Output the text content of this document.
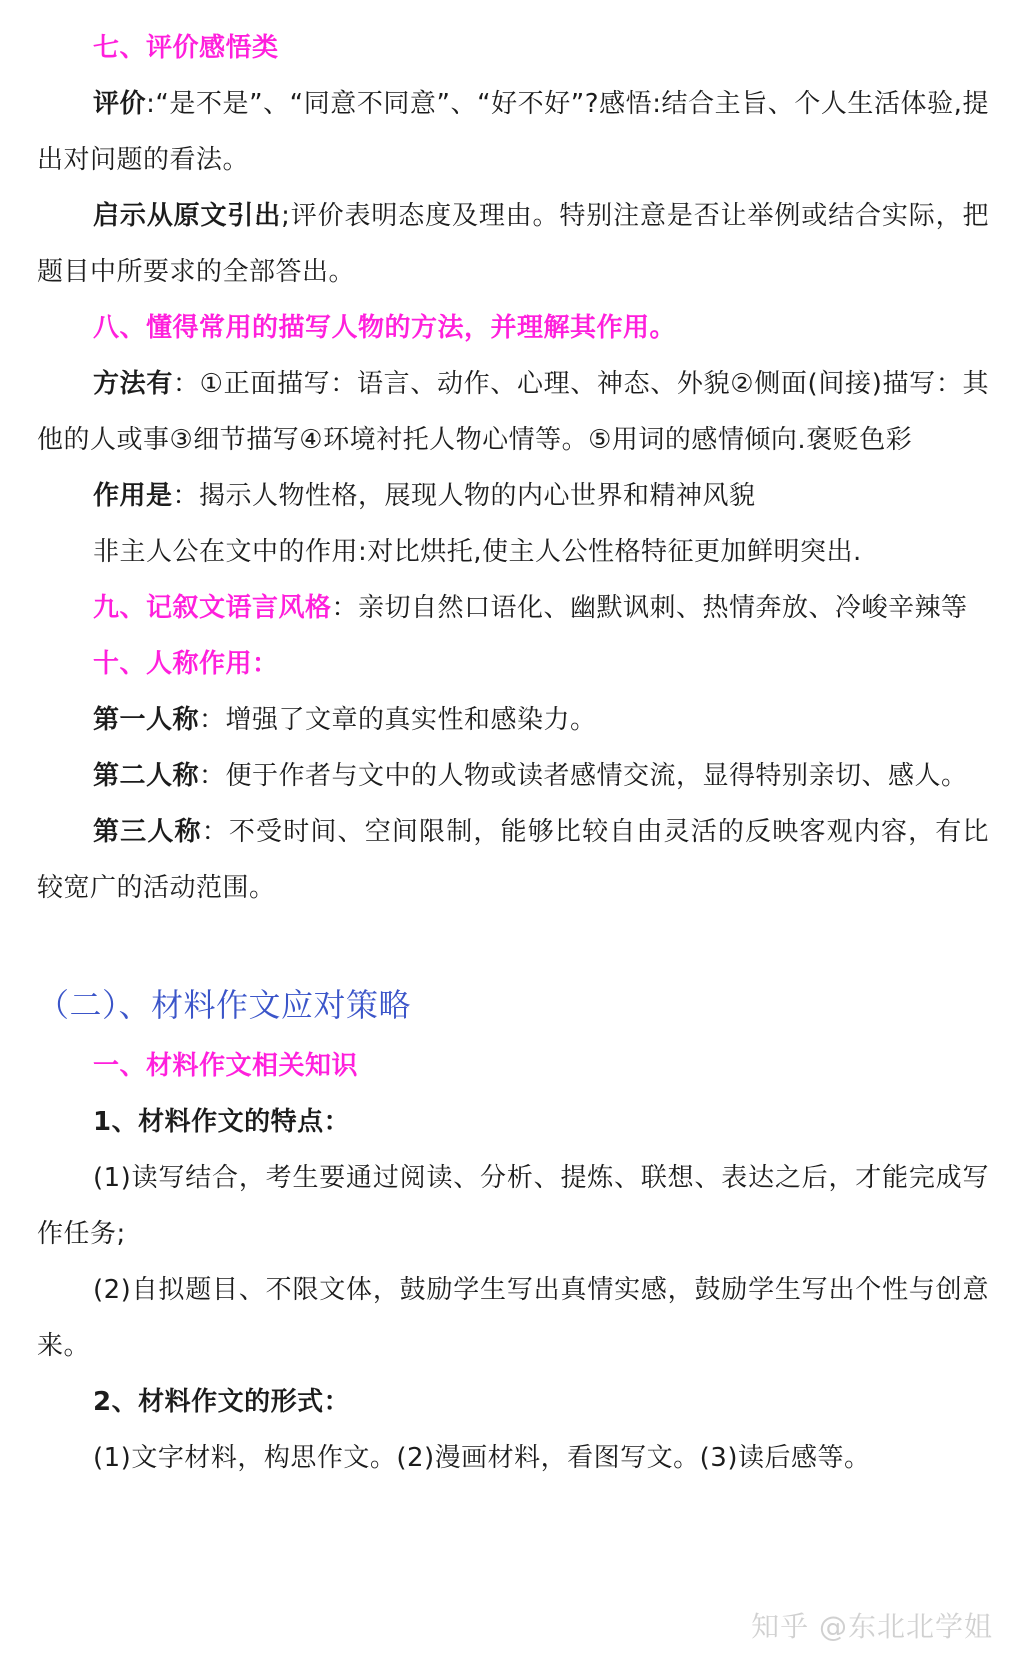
七、评价感悟类

评价:“是不是”、“同意不同意”、“好不好”?感悟:结合主旨、个人生活体验,提出对问题的看法。

启示从原文引出;评价表明态度及理由。特别注意是否让举例或结合实际，把题目中所要求的全部答出。

八、懂得常用的描写人物的方法，并理解其作用。

方法有：①正面描写：语言、动作、心理、神态、外貌②侧面(间接)描写：其他的人或事③细节描写④环境衬托人物心情等。⑤用词的感情倾向.褒贬色彩

作用是：揭示人物性格，展现人物的内心世界和精神风貌

非主人公在文中的作用:对比烘托,使主人公性格特征更加鲜明突出.

九、记叙文语言风格：亲切自然口语化、幽默讽刺、热情奔放、冷峻辛辣等

十、人称作用：

第一人称：增强了文章的真实性和感染力。

第二人称：便于作者与文中的人物或读者感情交流，显得特别亲切、感人。

第三人称：不受时间、空间限制，能够比较自由灵活的反映客观内容，有比较宽广的活动范围。

（二）、材料作文应对策略

一、材料作文相关知识

1、材料作文的特点：

(1)读写结合，考生要通过阅读、分析、提炼、联想、表达之后，才能完成写作任务;

(2)自拟题目、不限文体，鼓励学生写出真情实感，鼓励学生写出个性与创意来。

2、材料作文的形式：

(1)文字材料，构思作文。(2)漫画材料，看图写文。(3)读后感等。

知乎 @东北北学姐
